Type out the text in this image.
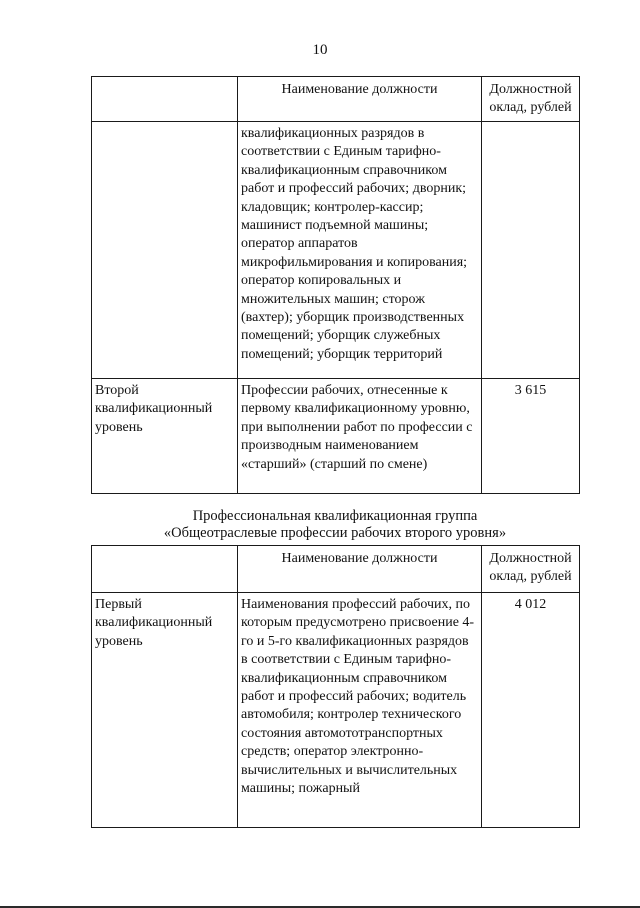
10
	Наименование должности	Должностной оклад, рублей
	квалификационных разрядов в соответствии с Единым тарифно-квалификационным справочником работ и профессий рабочих; дворник; кладовщик; контролер-кассир; машинист подъемной машины; оператор аппаратов микрофильмирования и копирования; оператор копировальных и множительных машин; сторож (вахтер); уборщик производственных помещений; уборщик служебных помещений; уборщик территорий	
Второй квалификационный уровень	Профессии рабочих, отнесенные к первому квалификационному уровню, при выполнении работ по профессии с производным наименованием «старший» (старший по смене)	3 615
Профессиональная квалификационная группа
«Общеотраслевые профессии рабочих второго уровня»
	Наименование должности	Должностной оклад, рублей
Первый квалификационный уровень	Наименования профессий рабочих, по которым предусмотрено присвоение 4-го и 5-го квалификационных разрядов в соответствии с Единым тарифно-квалификационным справочником работ и профессий рабочих; водитель автомобиля; контролер технического состояния автомототранспортных средств; оператор электронно-вычислительных и вычислительных машины; пожарный	4 012
